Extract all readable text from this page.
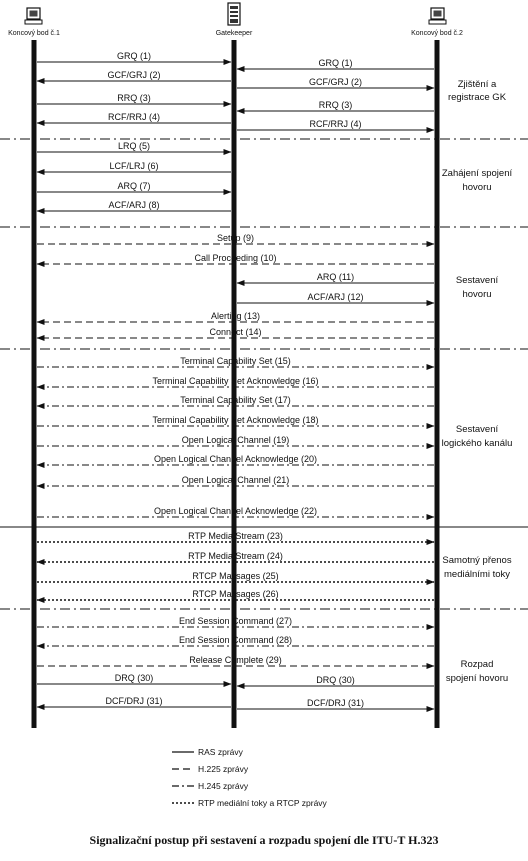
Koncový bod č.1	Gatekeeper	Koncový bod č.2
Zjištění a
registrace GK
Zahájení spojení
hovoru
Sestavení
hovoru
Sestavení
logického kanálu
Samotný přenos
mediálními toky
Rozpad
spojení hovoru
GRQ (1)
GRQ (1)
GCF/GRJ (2)
GCF/GRJ (2)
RRQ (3)
RRQ (3)
RCF/RRJ (4)
RCF/RRJ (4)
LRQ (5)
LCF/LRJ (6)
ARQ (7)
ACF/ARJ (8)
Setup (9)
Call Proceeding (10)
ARQ (11)
ACF/ARJ (12)
Alerting (13)
Connect (14)
Terminal Capability Set (15)
Terminal Capability Set Acknowledge (16)
Terminal Capability Set (17)
Terminal Capability Set Acknowledge (18)
Open Logical Channel (19)
Open Logical Channel Acknowledge (20)
Open Logical Channel (21)
Open Logical Channel Acknowledge (22)
RTP Media Stream (23)
RTP Media Stream (24)
RTCP Massages (25)
RTCP Massages (26)
End Session Command (27)
End Session Command (28)
Release Complete (29)
DRQ (30)	DRQ (30)
DCF/DRJ (31)	DCF/DRJ (31)
RAS zprávy
H.225 zprávy
H.245 zprávy
RTP mediální toky a RTCP zprávy
Signalizační postup při sestavení a rozpadu spojení dle ITU-T H.323
